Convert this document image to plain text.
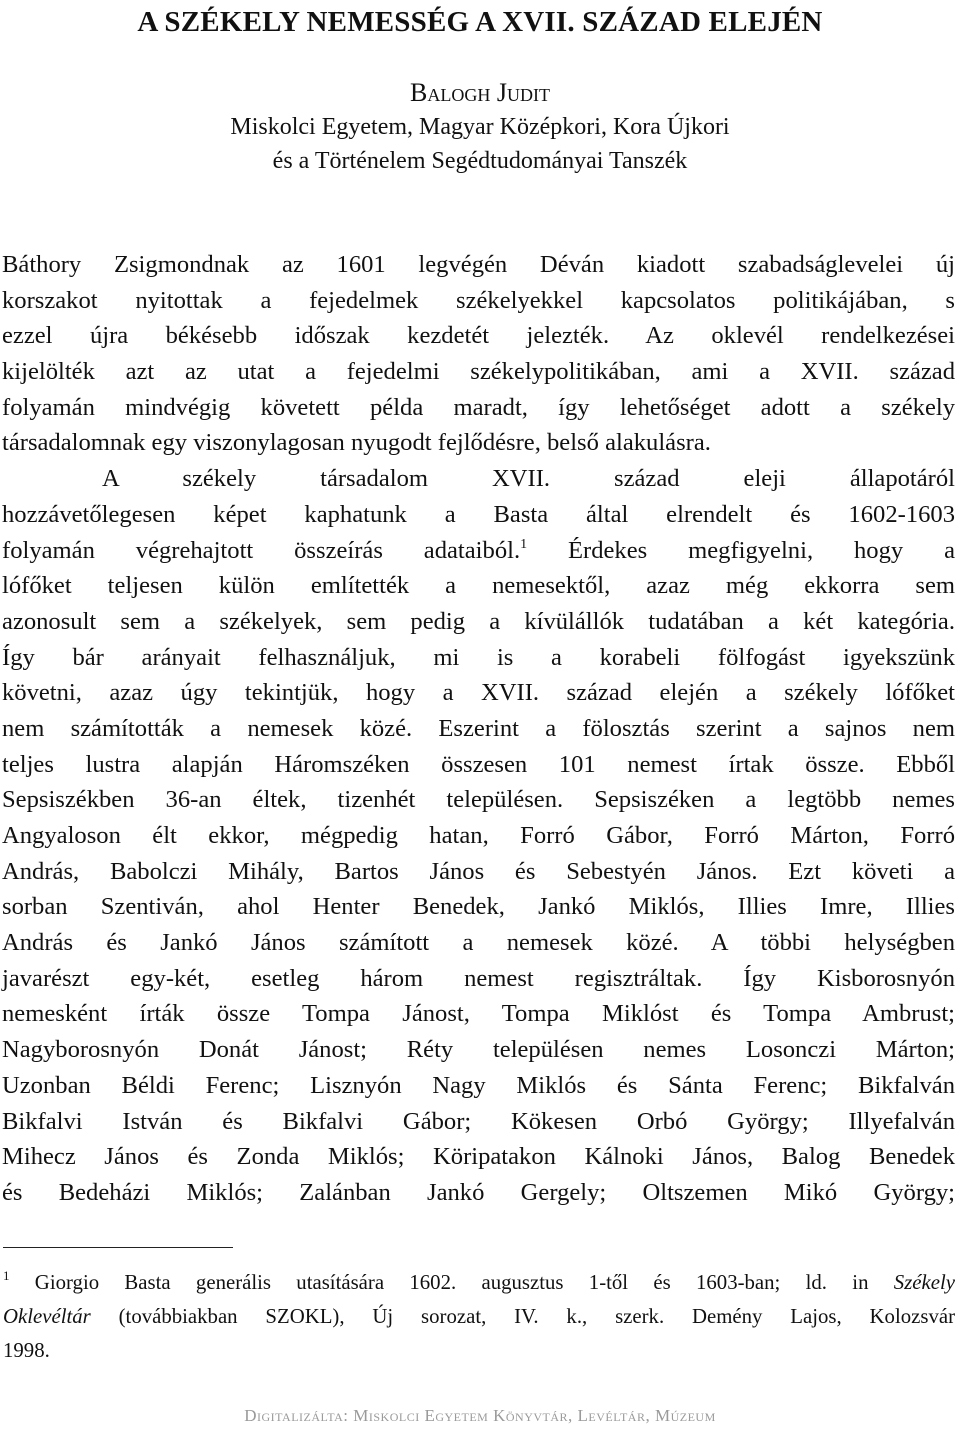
A SZÉKELY NEMESSÉG A XVII. SZÁZAD ELEJÉN
Balogh Judit
Miskolci Egyetem, Magyar Középkori, Kora Újkori
és a Történelem Segédtudományai Tanszék
Báthory Zsigmondnak az 1601 legvégén Déván kiadott szabadságlevelei új
korszakot nyitottak a fejedelmek székelyekkel kapcsolatos politikájában, s
ezzel újra békésebb időszak kezdetét jelezték. Az oklevél rendelkezései
kijelölték azt az utat a fejedelmi székelypolitikában, ami a XVII. század
folyamán mindvégig követett példa maradt, így lehetőséget adott a székely
társadalomnak egy viszonylagosan nyugodt fejlődésre, belső alakulásra.
A székely társadalom XVII. század eleji állapotáról
hozzávetőlegesen képet kaphatunk a Basta által elrendelt és 1602-1603
folyamán végrehajtott összeírás adataiból.$^1$ Érdekes megfigyelni, hogy a
lófőket teljesen külön említették a nemesektől, azaz még ekkorra sem
azonosult sem a székelyek, sem pedig a kívülállók tudatában a két kategória.
Így bár arányait felhasználjuk, mi is a korabeli fölfogást igyekszünk
követni, azaz úgy tekintjük, hogy a XVII. század elején a székely lófőket
nem számították a nemesek közé. Eszerint a fölosztás szerint a sajnos nem
teljes lustra alapján Háromszéken összesen 101 nemest írtak össze. Ebből
Sepsiszékben 36-an éltek, tizenhét településen. Sepsiszéken a legtöbb nemes
Angyaloson élt ekkor, mégpedig hatan, Forró Gábor, Forró Márton, Forró
András, Babolczi Mihály, Bartos János és Sebestyén János. Ezt követi a
sorban Szentiván, ahol Henter Benedek, Jankó Miklós, Illies Imre, Illies
András és Jankó János számított a nemesek közé. A többi helységben
javarészt egy-két, esetleg három nemest regisztráltak. Így Kisborosnyón
nemesként írták össze Tompa Jánost, Tompa Miklóst és Tompa Ambrust;
Nagyborosnyón Donát Jánost; Réty településen nemes Losonczi Márton;
Uzonban Béldi Ferenc; Lisznyón Nagy Miklós és Sánta Ferenc; Bikfalván
Bikfalvi István és Bikfalvi Gábor; Kökesen Orbó György; Illyefalván
Mihecz János és Zonda Miklós; Köripatakon Kálnoki János, Balog Benedek
és Bedeházi Miklós; Zalánban Jankó Gergely; Oltszemen Mikó György;
$^1$ Giorgio Basta generális utasítására 1602. augusztus 1-től és 1603-ban; ld. in Székely
Oklevéltár (továbbiakban SZOKL), Új sorozat, IV. k., szerk. Demény Lajos, Kolozsvár
1998.
Digitalizálta: Miskolci Egyetem Könyvtár, Levéltár, Múzeum
